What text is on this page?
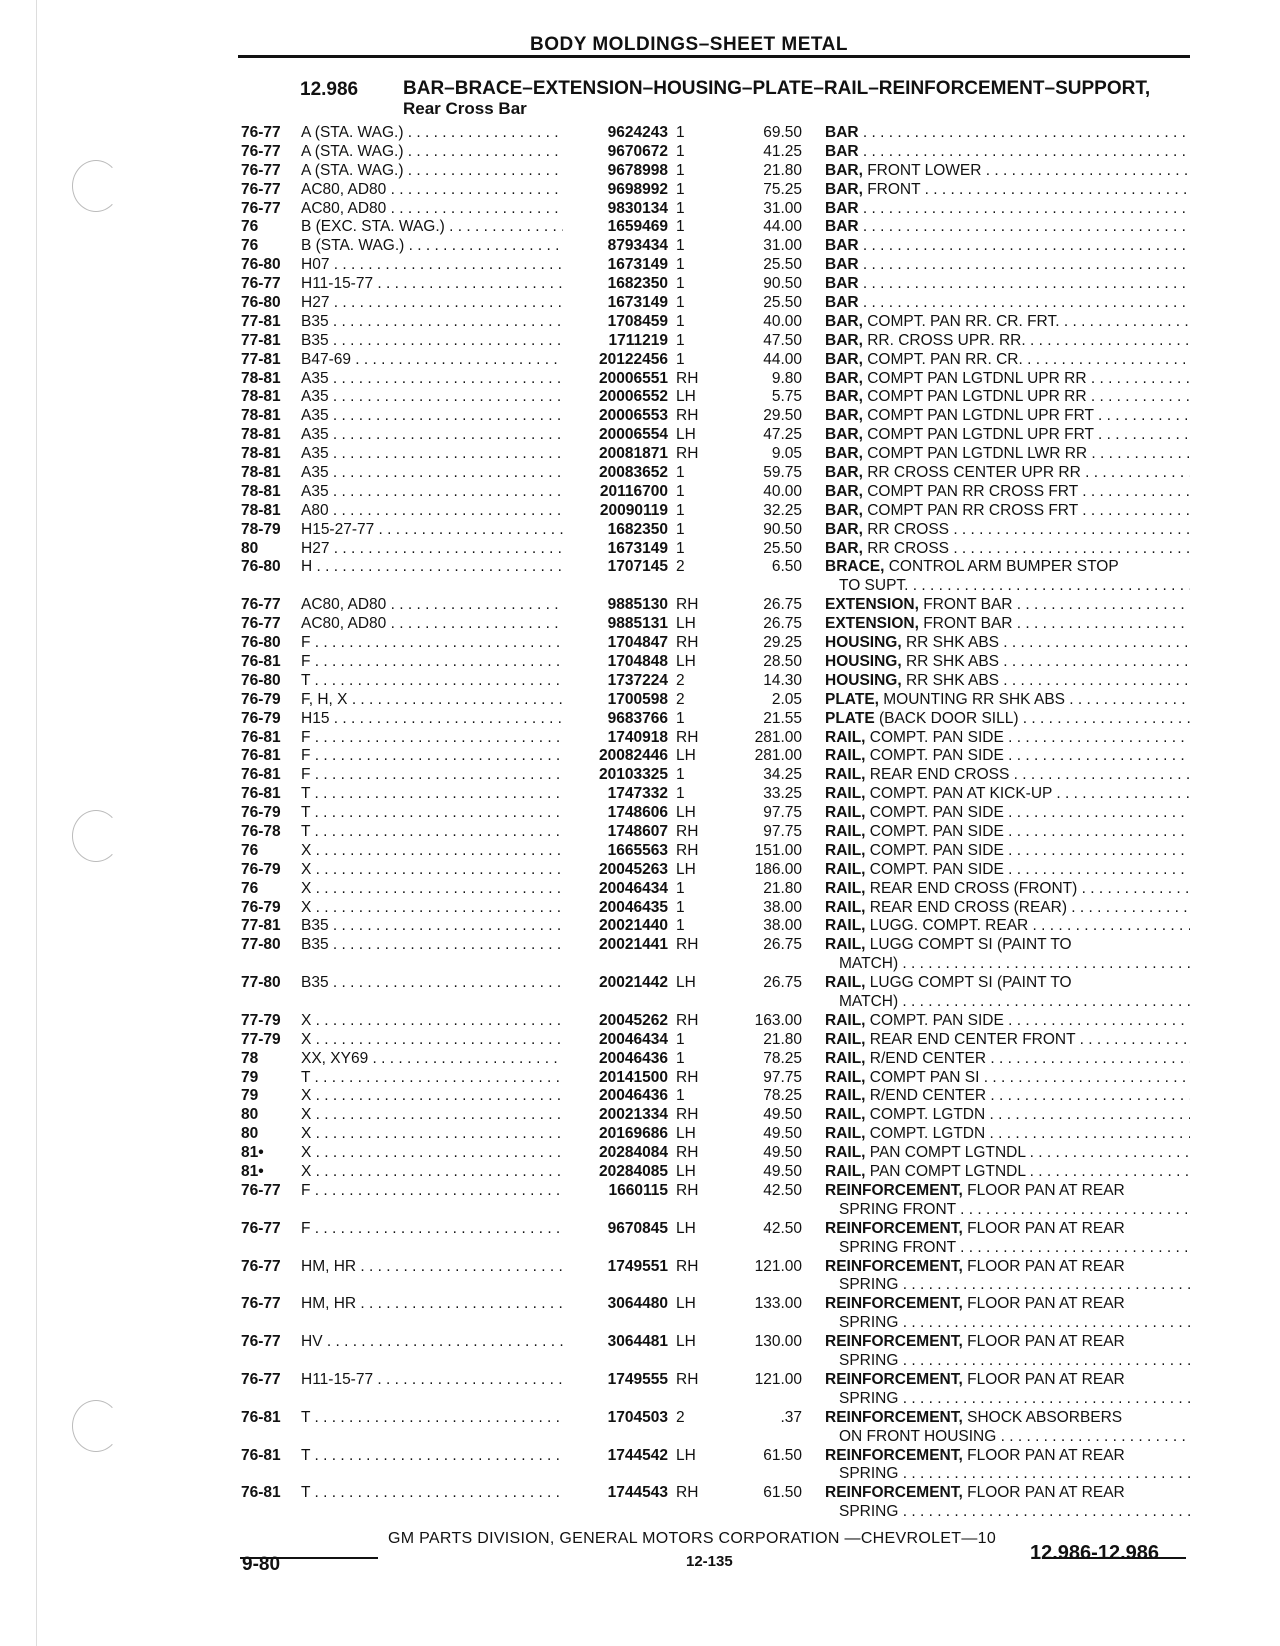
BODY MOLDINGS–SHEET METAL
12.986 BAR–BRACE–EXTENSION–HOUSING–PLATE–RAIL–REINFORCEMENT–SUPPORT, Rear Cross Bar
76-77 A (STA. WAG.) . . .	9624243 1	69.50 BAR . . .
76-77 A (STA. WAG.) . . .	9670672 1	41.25 BAR . . .
76-77 A (STA. WAG.) . . .	9678998 1	21.80 BAR, FRONT LOWER . . .
76-77 AC80, AD80 . . .	9698992 1	75.25 BAR, FRONT . . .
76-77 AC80, AD80 . . .	9830134 1	31.00 BAR . . .
76	B (EXC. STA. WAG.) . . .	1659469 1	44.00 BAR . . .
76	B (STA. WAG.) . . .	8793434 1	31.00 BAR . . .
76-80 H07 . . .	1673149 1	25.50 BAR . . .
76-77 H11-15-77 . . .	1682350 1	90.50 BAR . . .
76-80 H27 . . .	1673149 1	25.50 BAR . . .
77-81 B35 . . .	1708459 1	40.00 BAR, COMPT. PAN RR. CR. FRT. . . .
77-81 B35 . . .	1711219 1	47.50 BAR, RR. CROSS UPR. RR. . . .
77-81 B47-69 . . .	20122456 1	44.00 BAR, COMPT. PAN RR. CR. . . .
78-81 A35 . . .	20006551 RH	9.80 BAR, COMPT PAN LGTDNL UPR RR . . .
78-81 A35 . . .	20006552 LH	5.75 BAR, COMPT PAN LGTDNL UPR RR . . .
78-81 A35 . . .	20006553 RH	29.50 BAR, COMPT PAN LGTDNL UPR FRT . . .
78-81 A35 . . .	20006554 LH	47.25 BAR, COMPT PAN LGTDNL UPR FRT . . .
78-81 A35 . . .	20081871 RH	9.05 BAR, COMPT PAN LGTDNL LWR RR . . .
78-81 A35 . . .	20083652 1	59.75 BAR, RR CROSS CENTER UPR RR . . .
78-81 A35 . . .	20116700 1	40.00 BAR, COMPT PAN RR CROSS FRT . . .
78-81 A80 . . .	20090119 1	32.25 BAR, COMPT PAN RR CROSS FRT . . .
78-79 H15-27-77 . . .	1682350 1	90.50 BAR, RR CROSS . . .
80	H27 . . .	1673149 1	25.50 BAR, RR CROSS . . .
76-80 H . . .	1707145 2	6.50 BRACE, CONTROL ARM BUMPER STOP
TO SUPT. . . .
76-77 AC80, AD80 . . .	9885130 RH	26.75 EXTENSION, FRONT BAR . . .
76-77 AC80, AD80 . . .	9885131 LH	26.75 EXTENSION, FRONT BAR . . .
76-80 F . . .	1704847 RH	29.25 HOUSING, RR SHK ABS . . .
76-81 F . . .	1704848 LH	28.50 HOUSING, RR SHK ABS . . .
76-80 T . . .	1737224 2	14.30 HOUSING, RR SHK ABS . . .
76-79 F, H, X . . .	1700598 2	2.05 PLATE, MOUNTING RR SHK ABS . . .
76-79 H15 . . .	9683766 1	21.55 PLATE (BACK DOOR SILL) . . .
76-81 F . . .	1740918 RH	281.00 RAIL, COMPT. PAN SIDE . . .
76-81 F . . .	20082446 LH	281.00 RAIL, COMPT. PAN SIDE . . .
76-81 F . . .	20103325 1	34.25 RAIL, REAR END CROSS . . .
76-81 T . . .	1747332 1	33.25 RAIL, COMPT. PAN AT KICK-UP . . .
76-79 T . . .	1748606 LH	97.75 RAIL, COMPT. PAN SIDE . . .
76-78 T . . .	1748607 RH	97.75 RAIL, COMPT. PAN SIDE . . .
76	X . . .	1665563 RH	151.00 RAIL, COMPT. PAN SIDE . . .
76-79 X . . .	20045263 LH	186.00 RAIL, COMPT. PAN SIDE . . .
76	X . . .	20046434 1	21.80 RAIL, REAR END CROSS (FRONT) . . .
76-79 X . . .	20046435 1	38.00 RAIL, REAR END CROSS (REAR) . . .
77-81 B35 . . .	20021440 1	38.00 RAIL, LUGG. COMPT. REAR . . .
77-80 B35 . . .	20021441 RH	26.75 RAIL, LUGG COMPT SI (PAINT TO
MATCH) . . .
77-80 B35 . . .	20021442 LH	26.75 RAIL, LUGG COMPT SI (PAINT TO
MATCH) . . .
77-79 X . . .	20045262 RH	163.00 RAIL, COMPT. PAN SIDE . . .
77-79 X . . .	20046434 1	21.80 RAIL, REAR END CENTER FRONT . . .
78	XX, XY69 . . .	20046436 1	78.25 RAIL, R/END CENTER . . .
79	T . . .	20141500 RH	97.75 RAIL, COMPT PAN SI . . .
79	X . . .	20046436 1	78.25 RAIL, R/END CENTER . . .
80	X . . .	20021334 RH	49.50 RAIL, COMPT. LGTDN . . .
80	X . . .	20169686 LH	49.50 RAIL, COMPT. LGTDN . . .
81• X . . .	20284084 RH	49.50 RAIL, PAN COMPT LGTNDL . . .
81• X . . .	20284085 LH	49.50 RAIL, PAN COMPT LGTNDL . . .
76-77 F . . .	1660115 RH	42.50 REINFORCEMENT, FLOOR PAN AT REAR
SPRING FRONT . . .
76-77 F . . .	9670845 LH	42.50 REINFORCEMENT, FLOOR PAN AT REAR
SPRING FRONT . . .
76-77 HM, HR . . .	1749551 RH	121.00 REINFORCEMENT, FLOOR PAN AT REAR
SPRING . . .
76-77 HM, HR . . .	3064480 LH	133.00 REINFORCEMENT, FLOOR PAN AT REAR
SPRING . . .
76-77 HV . . .	3064481 LH	130.00 REINFORCEMENT, FLOOR PAN AT REAR
SPRING . . .
76-77 H11-15-77 . . .	1749555 RH	121.00 REINFORCEMENT, FLOOR PAN AT REAR
SPRING . . .
76-81 T . . .	1704503 2	.37 REINFORCEMENT, SHOCK ABSORBERS
ON FRONT HOUSING . . .
76-81 T . . .	1744542 LH	61.50 REINFORCEMENT, FLOOR PAN AT REAR
SPRING . . .
76-81 T . . .	1744543 RH	61.50 REINFORCEMENT, FLOOR PAN AT REAR
SPRING . . .
GM PARTS DIVISION, GENERAL MOTORS CORPORATION —CHEVROLET—10
9-80	12-135	12.986-12.986
